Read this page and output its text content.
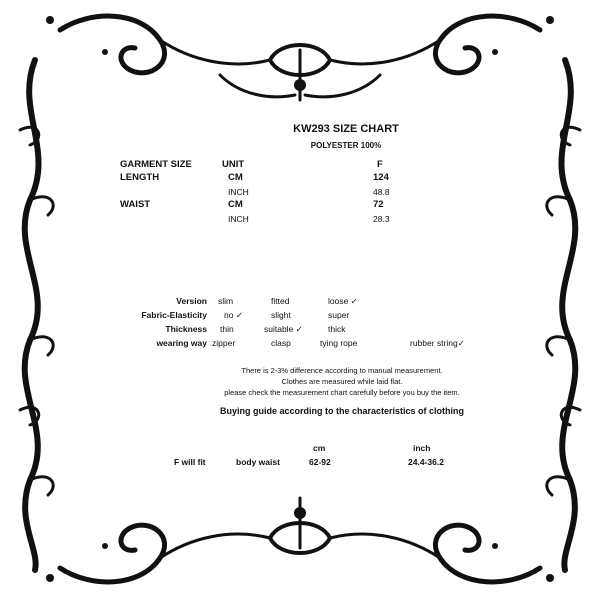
KW293 SIZE CHART
POLYESTER 100%
GARMENT SIZE	UNIT	F
LENGTH	CM	124
INCH	48.8
WAIST	CM	72
INCH	28.3
Version slim	fitted	loose ✓
Fabric-Elasticity no ✓	slight	super
Thickness thin	suitable ✓	thick
wearing way zipper	clasp	tying rope	rubber string✓
There is 2-3% difference according to manual measurement.
Clothes are measured while laid flat.
please check the measurement chart carefully before you buy the item.
Buying guide according to the characteristics of clothing
cm	inch
F will fit	body waist	62-92	24.4-36.2
